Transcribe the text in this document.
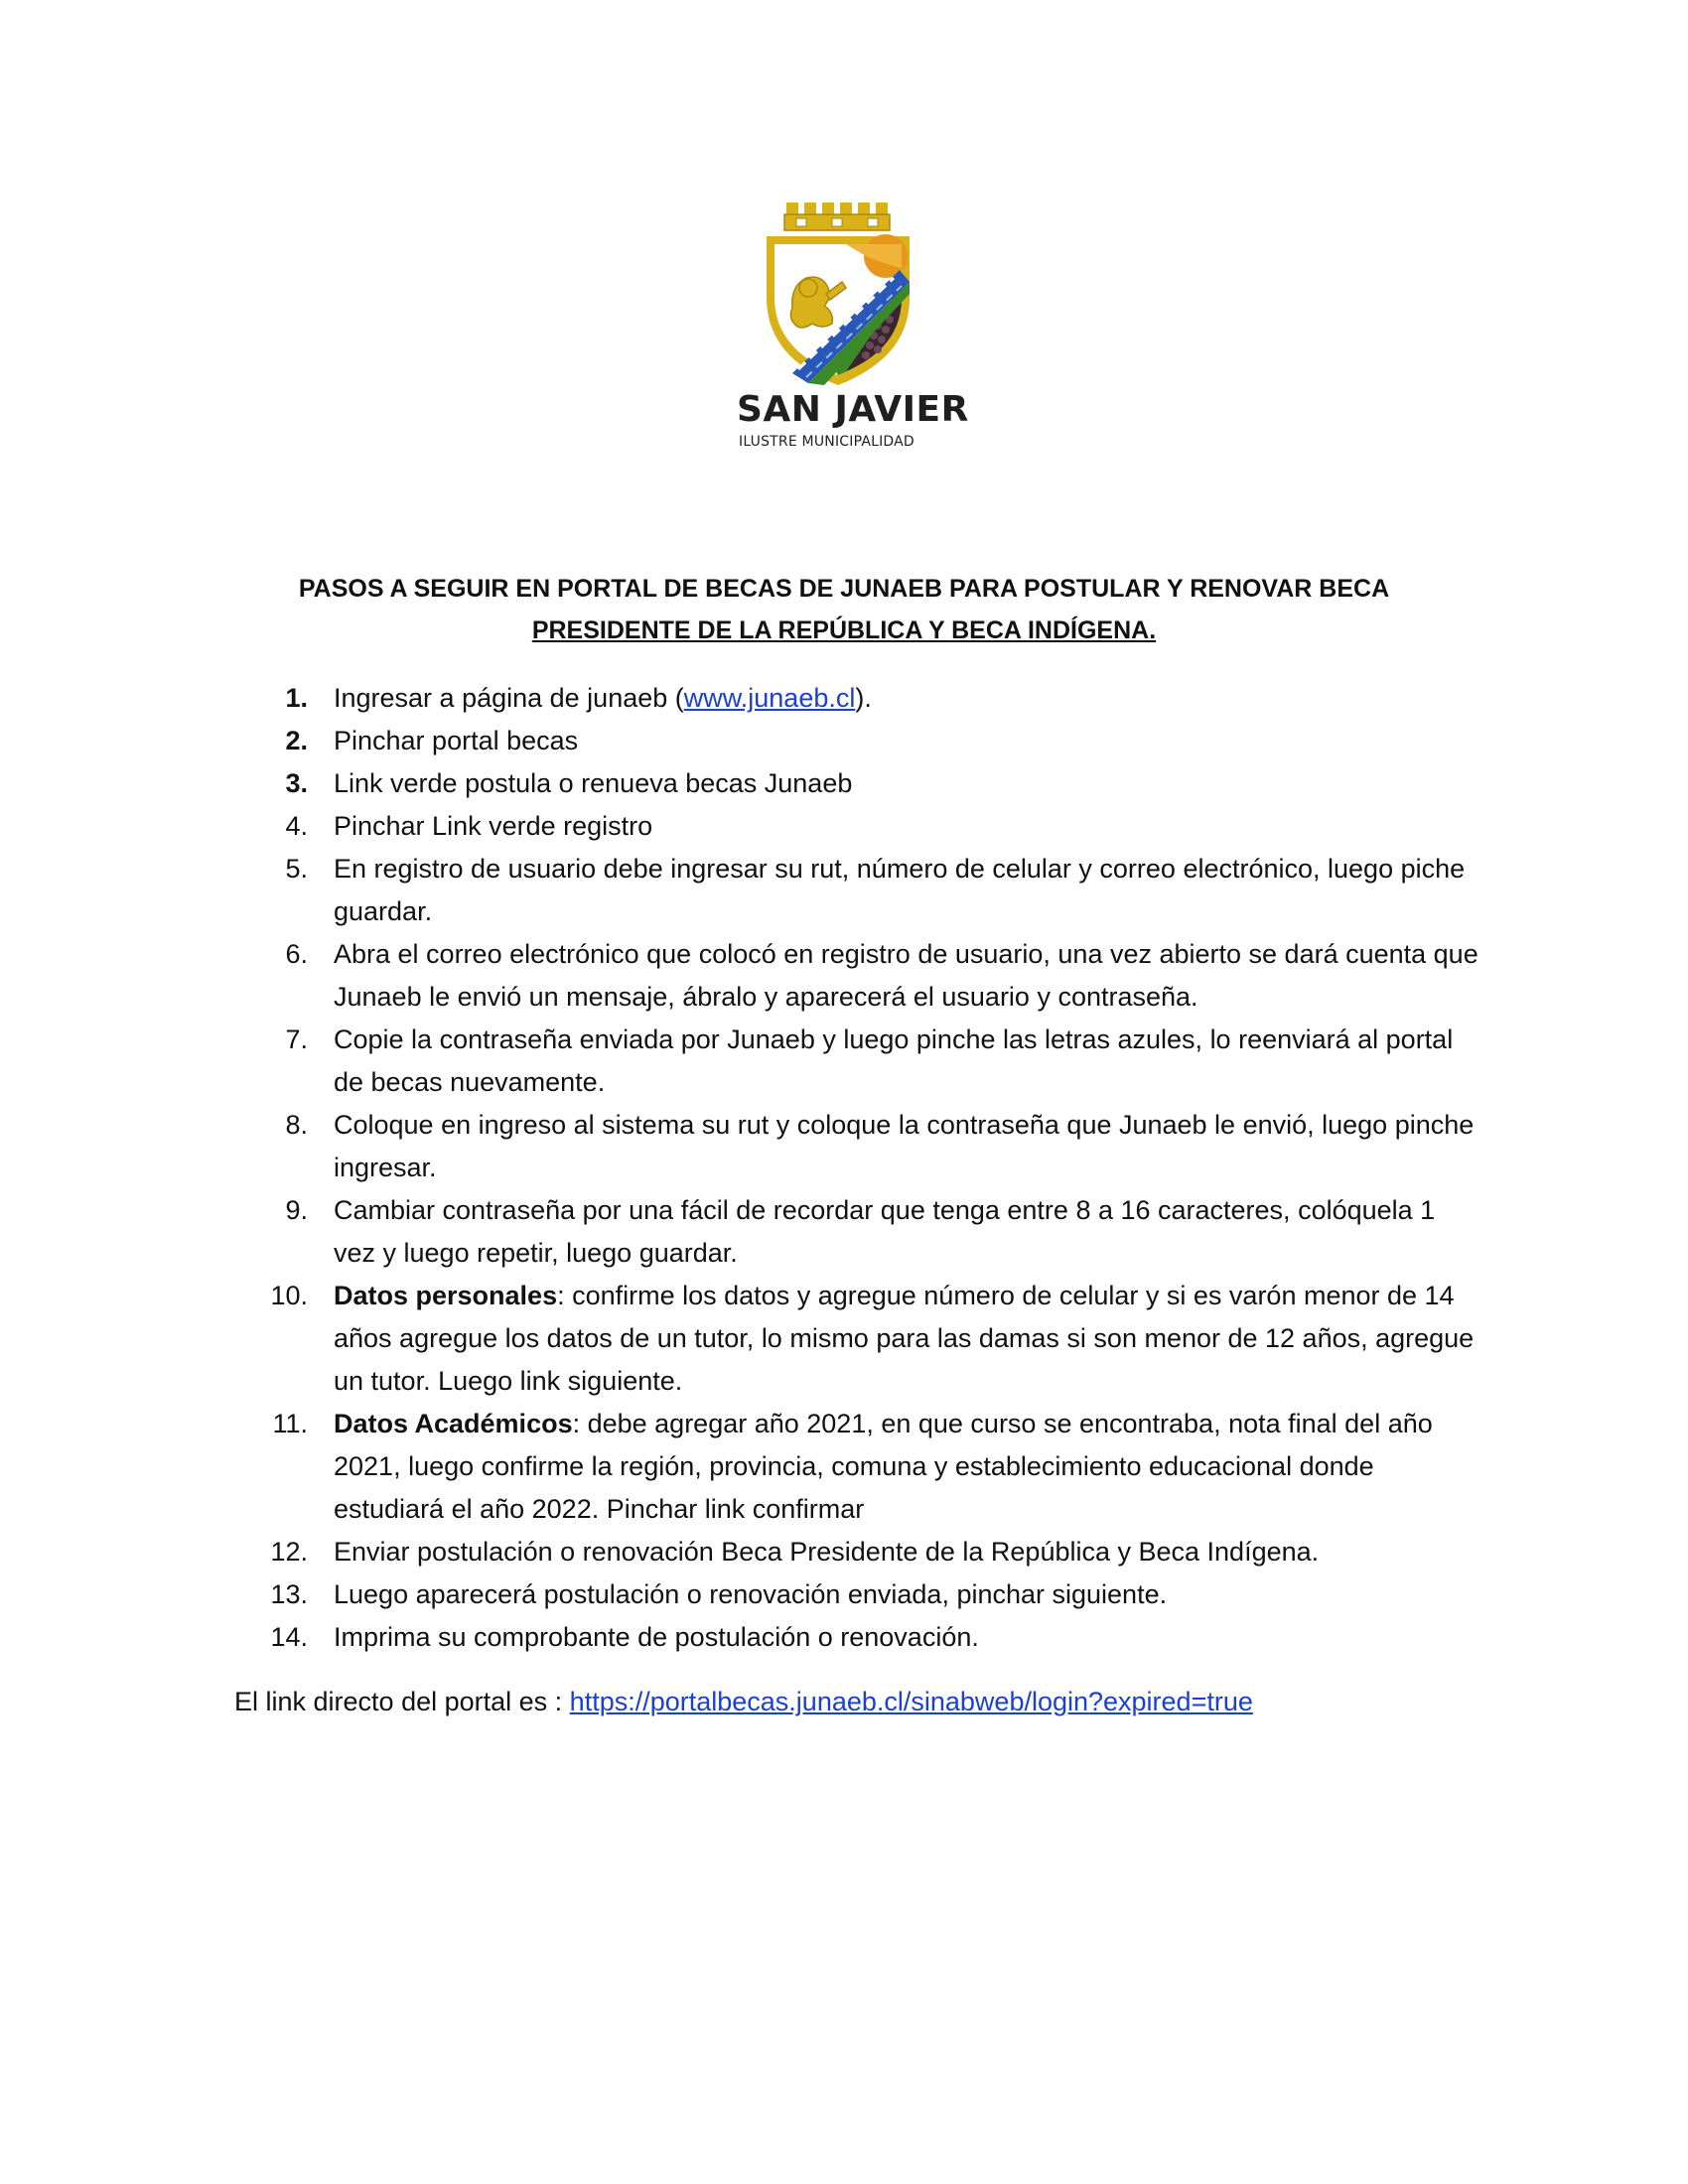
SAN JAVIER
ILUSTRE MUNICIPALIDAD
PASOS A SEGUIR EN PORTAL DE BECAS DE JUNAEB PARA POSTULAR Y RENOVAR BECA
PRESIDENTE DE LA REPÚBLICA Y BECA INDÍGENA.
1. Ingresar a página de junaeb (www.junaeb.cl).
2. Pinchar portal becas
3. Link verde postula o renueva becas Junaeb
4. Pinchar Link verde registro
5. En registro de usuario debe ingresar su rut, número de celular y correo electrónico, luego piche guardar.
6. Abra el correo electrónico que colocó en registro de usuario, una vez abierto se dará cuenta que Junaeb le envió un mensaje, ábralo y aparecerá el usuario y contraseña.
7. Copie la contraseña enviada por Junaeb y luego pinche las letras azules, lo reenviará al portal de becas nuevamente.
8. Coloque en ingreso al sistema su rut y coloque la contraseña que Junaeb le envió, luego pinche ingresar.
9. Cambiar contraseña por una fácil de recordar que tenga entre 8 a 16 caracteres, colóquela 1 vez y luego repetir, luego guardar.
10. Datos personales: confirme los datos y agregue número de celular y si es varón menor de 14 años agregue los datos de un tutor, lo mismo para las damas si son menor de 12 años, agregue un tutor. Luego link siguiente.
11. Datos Académicos: debe agregar año 2021, en que curso se encontraba, nota final del año 2021, luego confirme la región, provincia, comuna y establecimiento educacional donde estudiará el año 2022. Pinchar link confirmar
12. Enviar postulación o renovación Beca Presidente de la República y Beca Indígena.
13. Luego aparecerá postulación o renovación enviada, pinchar siguiente.
14. Imprima su comprobante de postulación o renovación.
El link directo del portal es : https://portalbecas.junaeb.cl/sinabweb/login?expired=true
